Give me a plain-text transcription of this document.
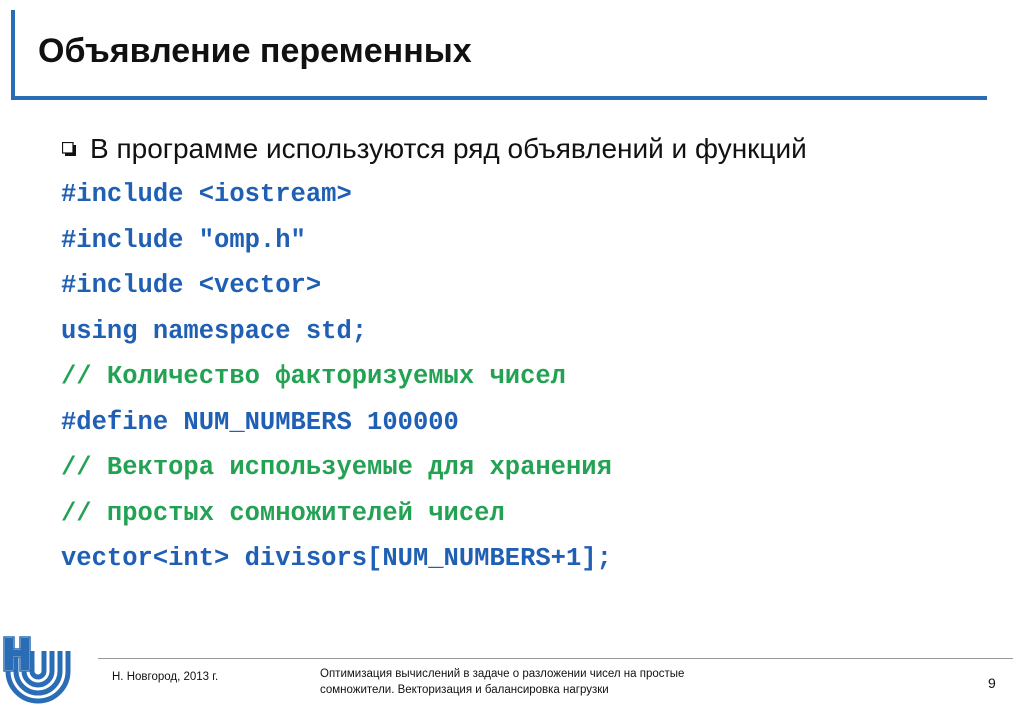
Объявление переменных
В программе используются ряд объявлений и функций
#include <iostream>
#include "omp.h"
#include <vector>
using namespace std;
// Количество факторизуемых чисел
#define NUM_NUMBERS 100000
// Вектора используемые для хранения
// простых сомножителей чисел
vector<int> divisors[NUM_NUMBERS+1];
Н. Новгород, 2013 г.	Оптимизация вычислений в задаче о разложении чисел на простые
сомножители. Векторизация и балансировка нагрузки	9
